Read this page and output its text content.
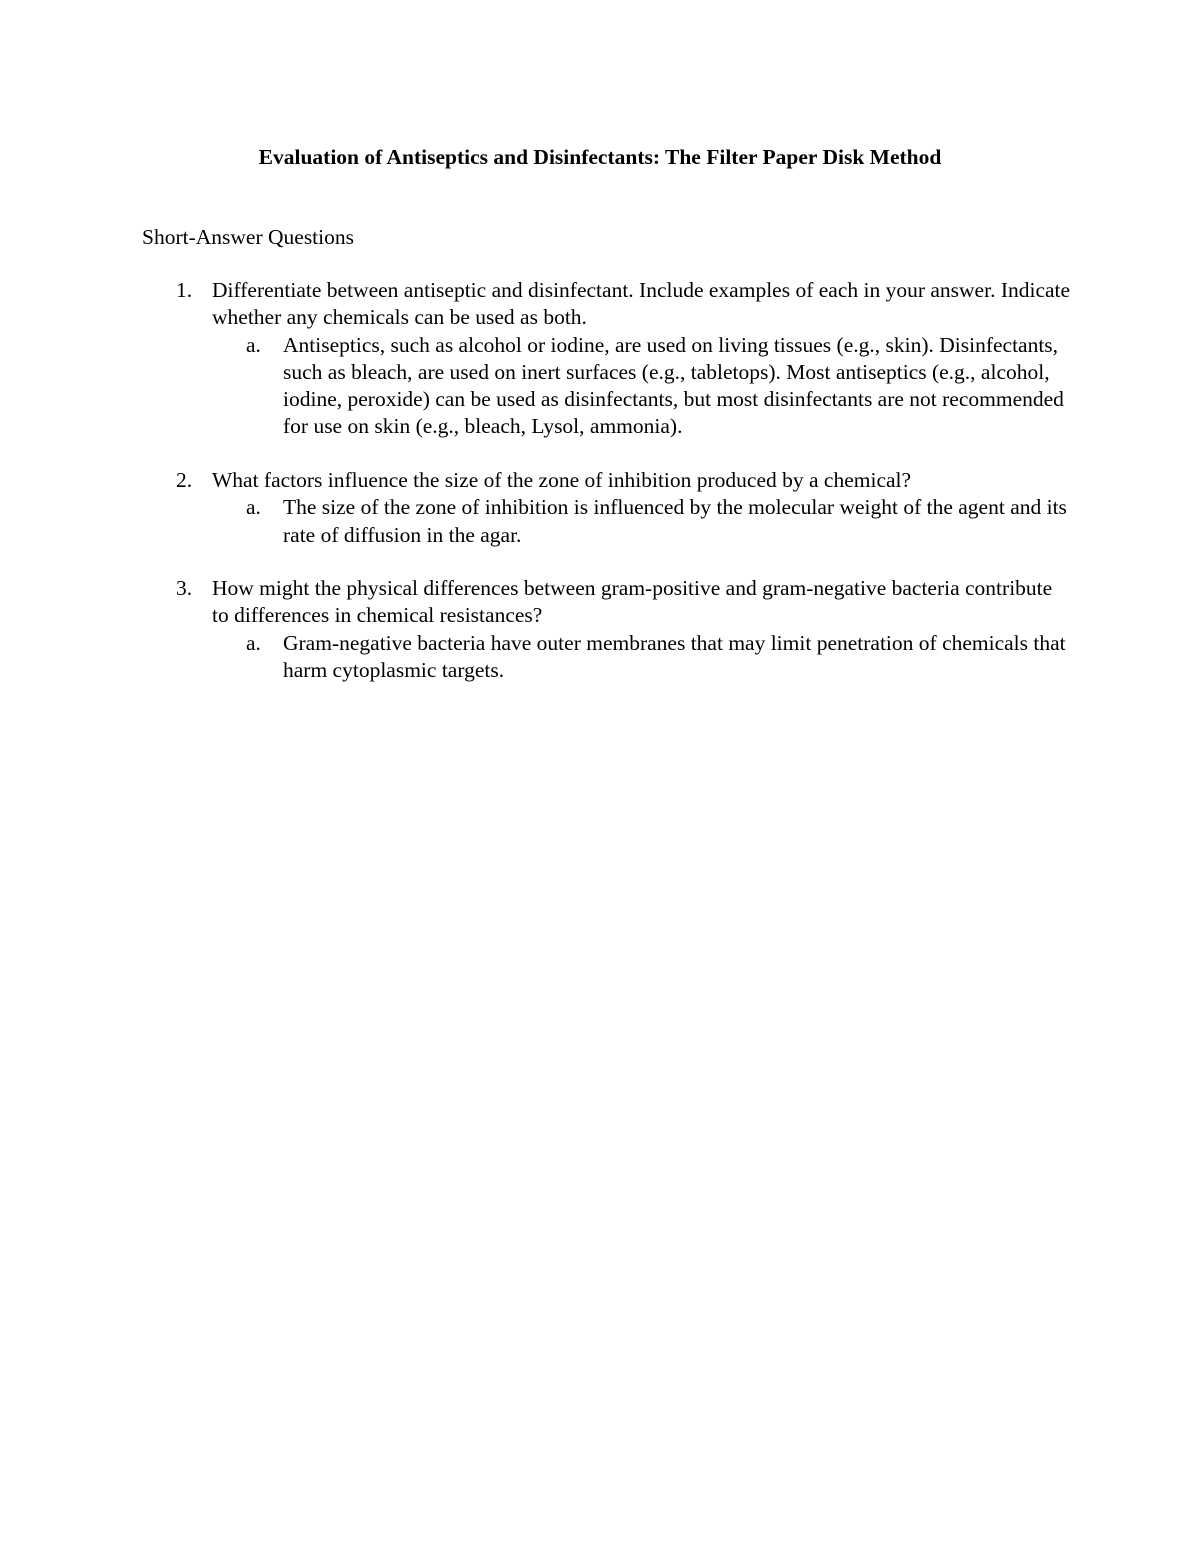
Evaluation of Antiseptics and Disinfectants: The Filter Paper Disk Method

Short-Answer Questions

1. Differentiate between antiseptic and disinfectant. Include examples of each in your answer. Indicate whether any chemicals can be used as both.
a. Antiseptics, such as alcohol or iodine, are used on living tissues (e.g., skin). Disinfectants, such as bleach, are used on inert surfaces (e.g., tabletops). Most antiseptics (e.g., alcohol, iodine, peroxide) can be used as disinfectants, but most disinfectants are not recommended for use on skin (e.g., bleach, Lysol, ammonia).
2. What factors influence the size of the zone of inhibition produced by a chemical?
a. The size of the zone of inhibition is influenced by the molecular weight of the agent and its rate of diffusion in the agar.
3. How might the physical differences between gram-positive and gram-negative bacteria contribute to differences in chemical resistances?
a. Gram-negative bacteria have outer membranes that may limit penetration of chemicals that harm cytoplasmic targets.
